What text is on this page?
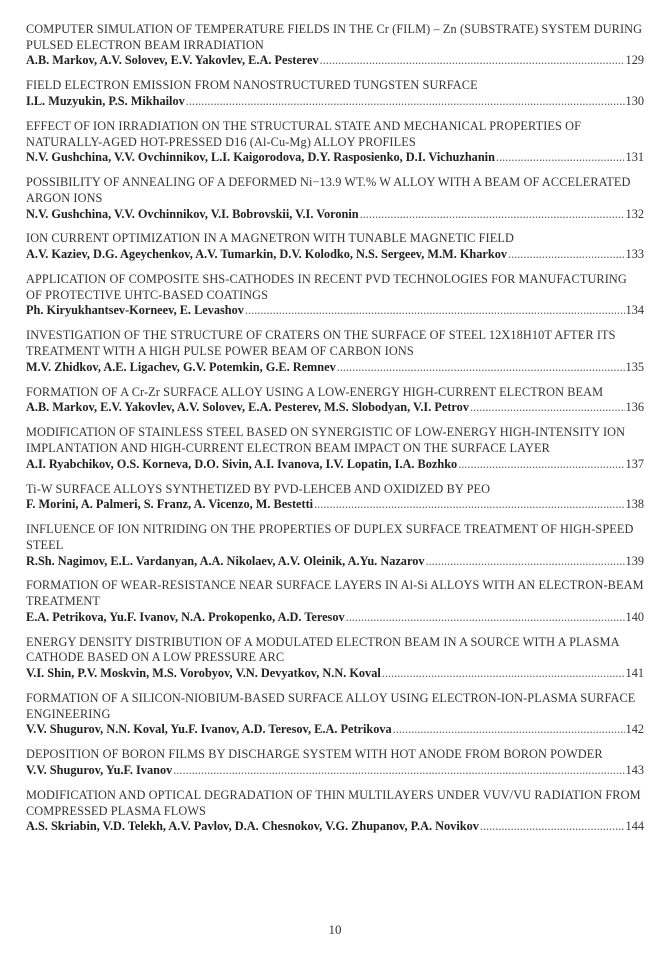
COMPUTER SIMULATION OF TEMPERATURE FIELDS IN THE Cr (FILM) – Zn (SUBSTRATE) SYSTEM DURING PULSED ELECTRON BEAM IRRADIATION
A.B. Markov, A.V. Solovev, E.V. Yakovlev, E.A. Pesterev .....	129
FIELD ELECTRON EMISSION FROM NANOSTRUCTURED TUNGSTEN SURFACE
I.L. Muzyukin, P.S. Mikhailov .....	130
EFFECT OF ION IRRADIATION ON THE STRUCTURAL STATE AND MECHANICAL PROPERTIES OF NATURALLY-AGED HOT-PRESSED D16 (Al-Cu-Mg) ALLOY PROFILES
N.V. Gushchina, V.V. Ovchinnikov, L.I. Kaigorodova, D.Y. Rasposienko, D.I. Vichuzhanin .....	131
POSSIBILITY OF ANNEALING OF A DEFORMED Ni−13.9 WT.% W ALLOY WITH A BEAM OF ACCELERATED ARGON IONS
N.V. Gushchina, V.V. Ovchinnikov, V.I. Bobrovskii, V.I. Voronin .....	132
ION CURRENT OPTIMIZATION IN A MAGNETRON WITH TUNABLE MAGNETIC FIELD
A.V. Kaziev, D.G. Ageychenkov, A.V. Tumarkin, D.V. Kolodko, N.S. Sergeev, M.M. Kharkov .....	133
APPLICATION OF COMPOSITE SHS-CATHODES IN RECENT PVD TECHNOLOGIES FOR MANUFACTURING OF PROTECTIVE UHTC-BASED COATINGS
Ph. Kiryukhantsev-Korneev, E. Levashov .....	134
INVESTIGATION OF THE STRUCTURE OF CRATERS ON THE SURFACE OF STEEL 12X18H10T AFTER ITS TREATMENT WITH A HIGH PULSE POWER BEAM OF CARBON IONS
M.V. Zhidkov, A.E. Ligachev, G.V. Potemkin, G.E. Remnev .....	135
FORMATION OF A Cr-Zr SURFACE ALLOY USING A LOW-ENERGY HIGH-CURRENT ELECTRON BEAM
A.B. Markov, E.V. Yakovlev, A.V. Solovev, E.A. Pesterev, M.S. Slobodyan, V.I. Petrov .....	136
MODIFICATION OF STAINLESS STEEL BASED ON SYNERGISTIC OF LOW-ENERGY HIGH-INTENSITY ION IMPLANTATION AND HIGH-CURRENT ELECTRON BEAM IMPACT ON THE SURFACE LAYER
A.I. Ryabchikov, O.S. Korneva, D.O. Sivin, A.I. Ivanova, I.V. Lopatin, I.A. Bozhko .....	137
Ti-W SURFACE ALLOYS SYNTHETIZED BY PVD-LEHCEB AND OXIDIZED BY PEO
F. Morini, A. Palmeri, S. Franz, A. Vicenzo, M. Bestetti .....	138
INFLUENCE OF ION NITRIDING ON THE PROPERTIES OF DUPLEX SURFACE TREATMENT OF HIGH-SPEED STEEL
R.Sh. Nagimov, E.L. Vardanyan, A.A. Nikolaev, A.V. Oleinik, A.Yu. Nazarov .....	139
FORMATION OF WEAR-RESISTANCE NEAR SURFACE LAYERS IN Al-Si ALLOYS WITH AN ELECTRON-BEAM TREATMENT
E.A. Petrikova, Yu.F. Ivanov, N.A. Prokopenko, A.D. Teresov .....	140
ENERGY DENSITY DISTRIBUTION OF A MODULATED ELECTRON BEAM IN A SOURCE WITH A PLASMA CATHODE BASED ON A LOW PRESSURE ARC
V.I. Shin, P.V. Moskvin, M.S. Vorobyov, V.N. Devyatkov, N.N. Koval .....	141
FORMATION OF A SILICON-NIOBIUM-BASED SURFACE ALLOY USING ELECTRON-ION-PLASMA SURFACE ENGINEERING
V.V. Shugurov, N.N. Koval, Yu.F. Ivanov, A.D. Teresov, E.A. Petrikova .....	142
DEPOSITION OF BORON FILMS BY DISCHARGE SYSTEM WITH HOT ANODE FROM BORON POWDER
V.V. Shugurov, Yu.F. Ivanov .....	143
MODIFICATION AND OPTICAL DEGRADATION OF THIN MULTILAYERS UNDER VUV/VU RADIATION FROM COMPRESSED PLASMA FLOWS
A.S. Skriabin, V.D. Telekh, A.V. Pavlov, D.A. Chesnokov, V.G. Zhupanov, P.A. Novikov .....	144
10
